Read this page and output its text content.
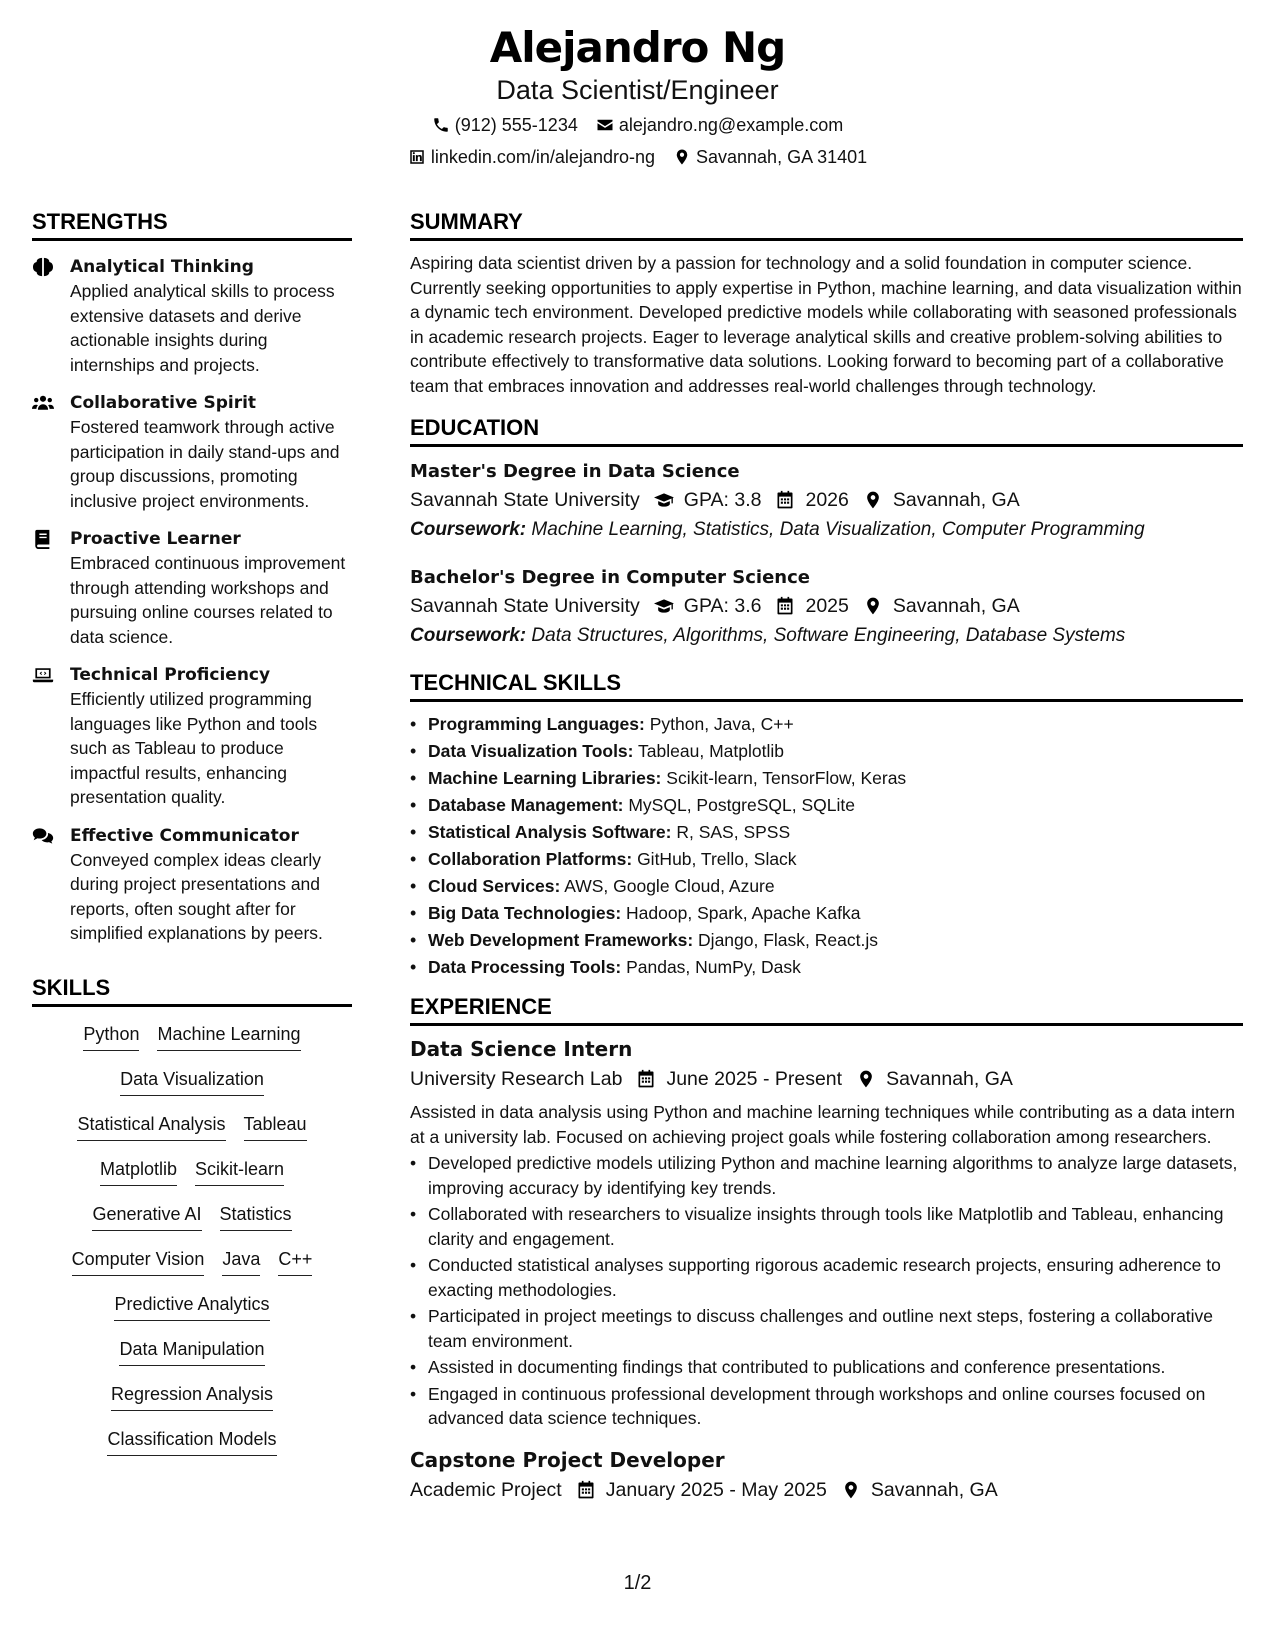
Alejandro Ng
Data Scientist/Engineer
(912) 555-1234 alejandro.ng@example.com
linkedin.com/in/alejandro-ng Savannah, GA 31401
STRENGTHS
Analytical Thinking
Applied analytical skills to process extensive datasets and derive actionable insights during internships and projects.
Collaborative Spirit
Fostered teamwork through active participation in daily stand-ups and group discussions, promoting inclusive project environments.
Proactive Learner
Embraced continuous improvement through attending workshops and pursuing online courses related to data science.
Technical Proficiency
Efficiently utilized programming languages like Python and tools such as Tableau to produce impactful results, enhancing presentation quality.
Effective Communicator
Conveyed complex ideas clearly during project presentations and reports, often sought after for simplified explanations by peers.
SKILLS
Python Machine Learning
Data Visualization
Statistical Analysis Tableau
Matplotlib Scikit-learn
Generative AI Statistics
Computer Vision Java C++
Predictive Analytics
Data Manipulation
Regression Analysis
Classification Models
SUMMARY
Aspiring data scientist driven by a passion for technology and a solid foundation in computer science. Currently seeking opportunities to apply expertise in Python, machine learning, and data visualization within a dynamic tech environment. Developed predictive models while collaborating with seasoned professionals in academic research projects. Eager to leverage analytical skills and creative problem-solving abilities to contribute effectively to transformative data solutions. Looking forward to becoming part of a collaborative team that embraces innovation and addresses real-world challenges through technology.
EDUCATION
Master's Degree in Data Science
Savannah State University GPA: 3.8 2026 Savannah, GA
Coursework: Machine Learning, Statistics, Data Visualization, Computer Programming
Bachelor's Degree in Computer Science
Savannah State University GPA: 3.6 2025 Savannah, GA
Coursework: Data Structures, Algorithms, Software Engineering, Database Systems
TECHNICAL SKILLS
• Programming Languages: Python, Java, C++
• Data Visualization Tools: Tableau, Matplotlib
• Machine Learning Libraries: Scikit-learn, TensorFlow, Keras
• Database Management: MySQL, PostgreSQL, SQLite
• Statistical Analysis Software: R, SAS, SPSS
• Collaboration Platforms: GitHub, Trello, Slack
• Cloud Services: AWS, Google Cloud, Azure
• Big Data Technologies: Hadoop, Spark, Apache Kafka
• Web Development Frameworks: Django, Flask, React.js
• Data Processing Tools: Pandas, NumPy, Dask
EXPERIENCE
Data Science Intern
University Research Lab June 2025 - Present Savannah, GA
Assisted in data analysis using Python and machine learning techniques while contributing as a data intern at a university lab. Focused on achieving project goals while fostering collaboration among researchers.
• Developed predictive models utilizing Python and machine learning algorithms to analyze large datasets, improving accuracy by identifying key trends.
• Collaborated with researchers to visualize insights through tools like Matplotlib and Tableau, enhancing clarity and engagement.
• Conducted statistical analyses supporting rigorous academic research projects, ensuring adherence to exacting methodologies.
• Participated in project meetings to discuss challenges and outline next steps, fostering a collaborative team environment.
• Assisted in documenting findings that contributed to publications and conference presentations.
• Engaged in continuous professional development through workshops and online courses focused on advanced data science techniques.
Capstone Project Developer
Academic Project January 2025 - May 2025 Savannah, GA
1/2
